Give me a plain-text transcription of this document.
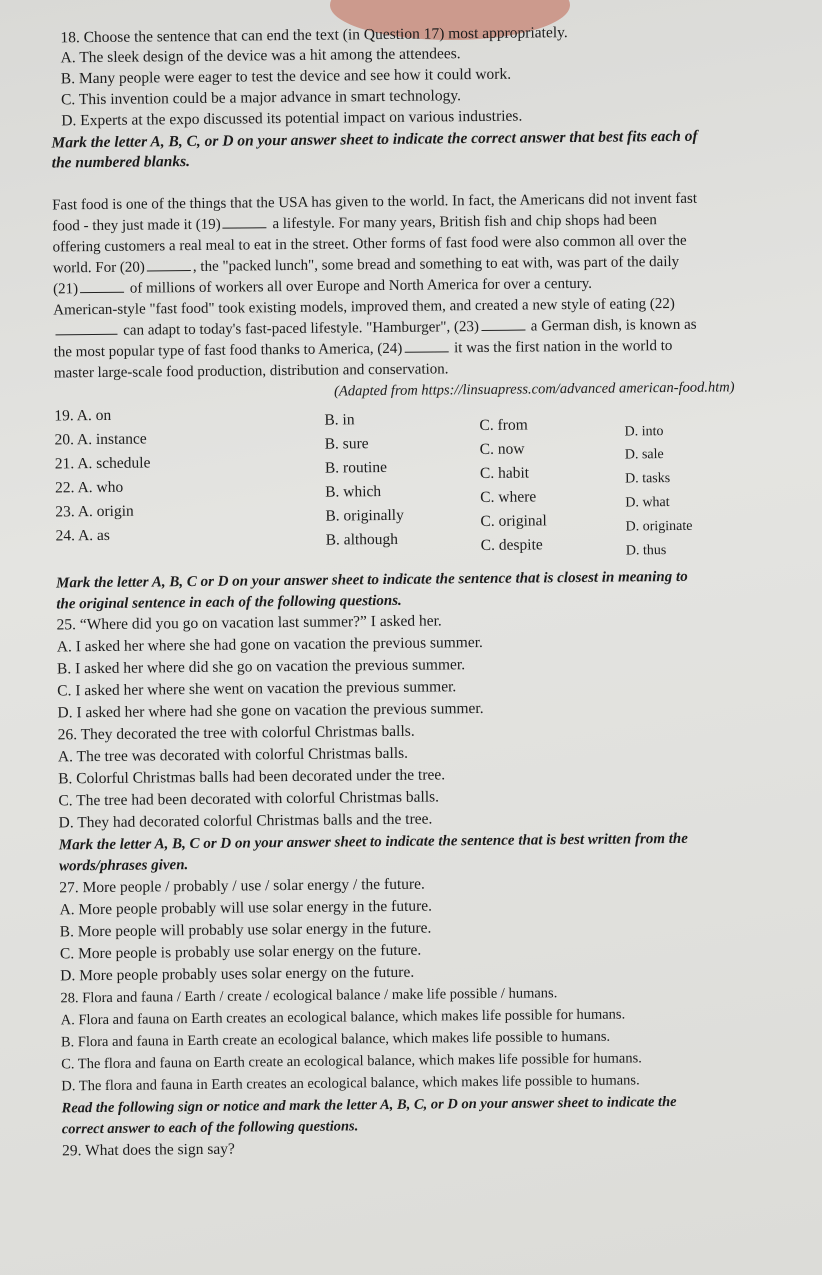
18. Choose the sentence that can end the text (in Question 17) most appropriately.
A. The sleek design of the device was a hit among the attendees.
B. Many people were eager to test the device and see how it could work.
C. This invention could be a major advance in smart technology.
D. Experts at the expo discussed its potential impact on various industries.
Mark the letter A, B, C, or D on your answer sheet to indicate the correct answer that best fits each of
the numbered blanks.
Fast food is one of the things that the USA has given to the world. In fact, the Americans did not invent fast
food - they just made it (19)	a lifestyle. For many years, British fish and chip shops had been
offering customers a real meal to eat in the street. Other forms of fast food were also common all over the
world. For (20)	, the "packed lunch", some bread and something to eat with, was part of the daily
(21)	of millions of workers all over Europe and North America for over a century.
American-style "fast food" took existing models, improved them, and created a new style of eating (22)
can adapt to today's fast-paced lifestyle. "Hamburger", (23)	a German dish, is known as
the most popular type of fast food thanks to America, (24)	it was the first nation in the world to
master large-scale food production, distribution and conservation.
(Adapted from https://linsuapress.com/advanced american-food.htm)
19. A. on	B. in	C. from	D. into
20. A. instance	B. sure	C. now	D. sale
21. A. schedule	B. routine	C. habit	D. tasks
22. A. who	B. which	C. where	D. what
23. A. origin	B. originally	C. original	D. originate
24. A. as	B. although	C. despite	D. thus
Mark the letter A, B, C or D on your answer sheet to indicate the sentence that is closest in meaning to
the original sentence in each of the following questions.
25. “Where did you go on vacation last summer?” I asked her.
A. I asked her where she had gone on vacation the previous summer.
B. I asked her where did she go on vacation the previous summer.
C. I asked her where she went on vacation the previous summer.
D. I asked her where had she gone on vacation the previous summer.
26. They decorated the tree with colorful Christmas balls.
A. The tree was decorated with colorful Christmas balls.
B. Colorful Christmas balls had been decorated under the tree.
C. The tree had been decorated with colorful Christmas balls.
D. They had decorated colorful Christmas balls and the tree.
Mark the letter A, B, C or D on your answer sheet to indicate the sentence that is best written from the
words/phrases given.
27. More people / probably / use / solar energy / the future.
A. More people probably will use solar energy in the future.
B. More people will probably use solar energy in the future.
C. More people is probably use solar energy on the future.
D. More people probably uses solar energy on the future.
28. Flora and fauna / Earth / create / ecological balance / make life possible / humans.
A. Flora and fauna on Earth creates an ecological balance, which makes life possible for humans.
B. Flora and fauna in Earth create an ecological balance, which makes life possible to humans.
C. The flora and fauna on Earth create an ecological balance, which makes life possible for humans.
D. The flora and fauna in Earth creates an ecological balance, which makes life possible to humans.
Read the following sign or notice and mark the letter A, B, C, or D on your answer sheet to indicate the
correct answer to each of the following questions.
29. What does the sign say?
